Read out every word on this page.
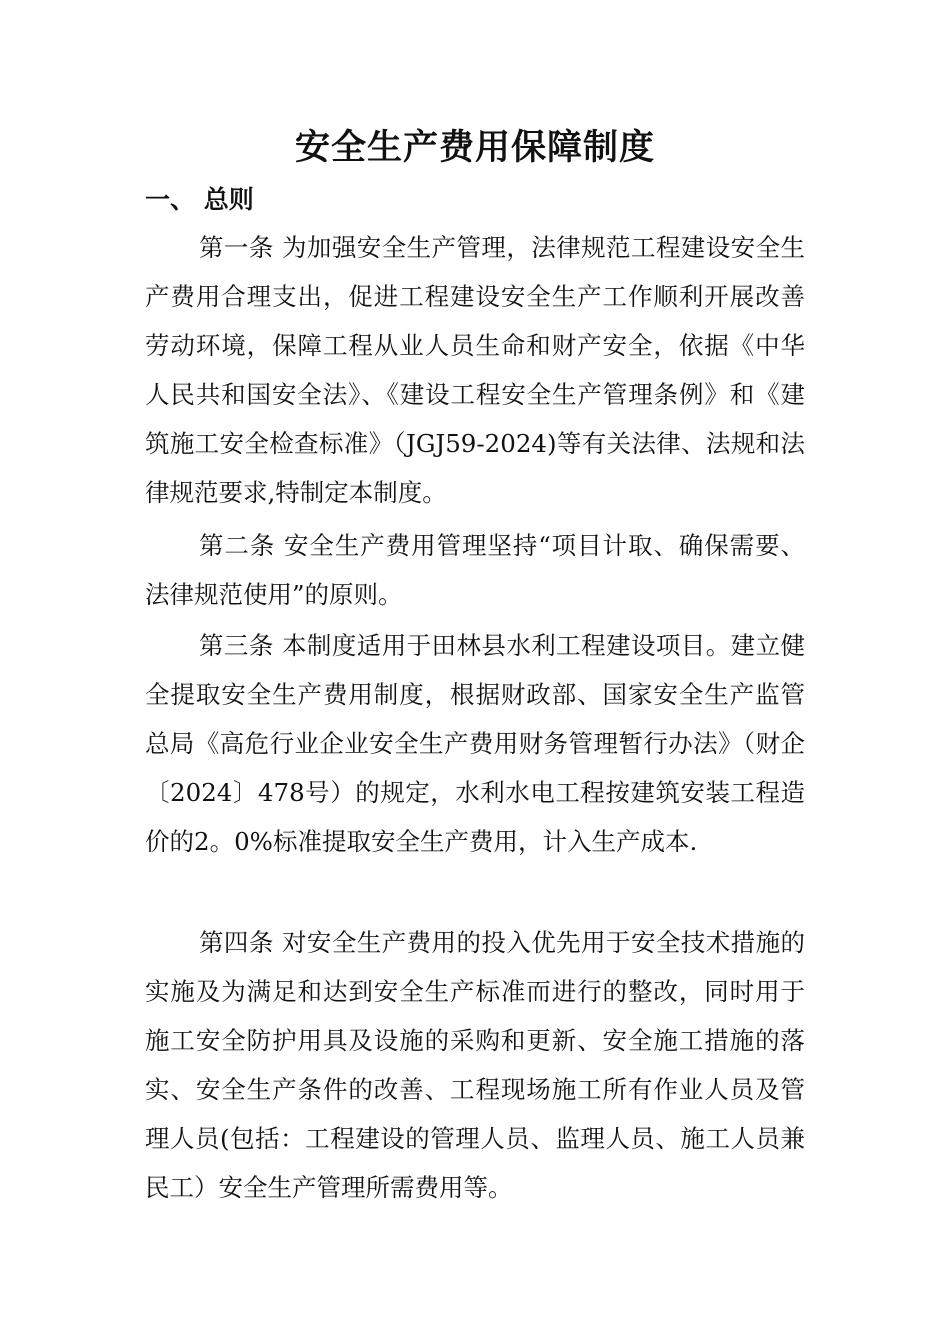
安全生产费用保障制度
一、 总则

第一条 为加强安全生产管理，法律规范工程建设安全生产费用合理支出，促进工程建设安全生产工作顺利开展改善劳动环境，保障工程从业人员生命和财产安全，依据《中华人民共和国安全法》、《建设工程安全生产管理条例》和《建筑施工安全检查标准》（JGJ59-2024)等有关法律、法规和法律规范要求,特制定本制度。

第二条 安全生产费用管理坚持“项目计取、确保需要、法律规范使用”的原则。

第三条 本制度适用于田林县水利工程建设项目。建立健全提取安全生产费用制度，根据财政部、国家安全生产监管总局《高危行业企业安全生产费用财务管理暂行办法》（财企〔2024〕478号）的规定，水利水电工程按建筑安装工程造价的2。0%标准提取安全生产费用，计入生产成本.

第四条 对安全生产费用的投入优先用于安全技术措施的实施及为满足和达到安全生产标准而进行的整改，同时用于施工安全防护用具及设施的采购和更新、安全施工措施的落实、安全生产条件的改善、工程现场施工所有作业人员及管理人员(包括：工程建设的管理人员、监理人员、施工人员兼民工）安全生产管理所需费用等。
